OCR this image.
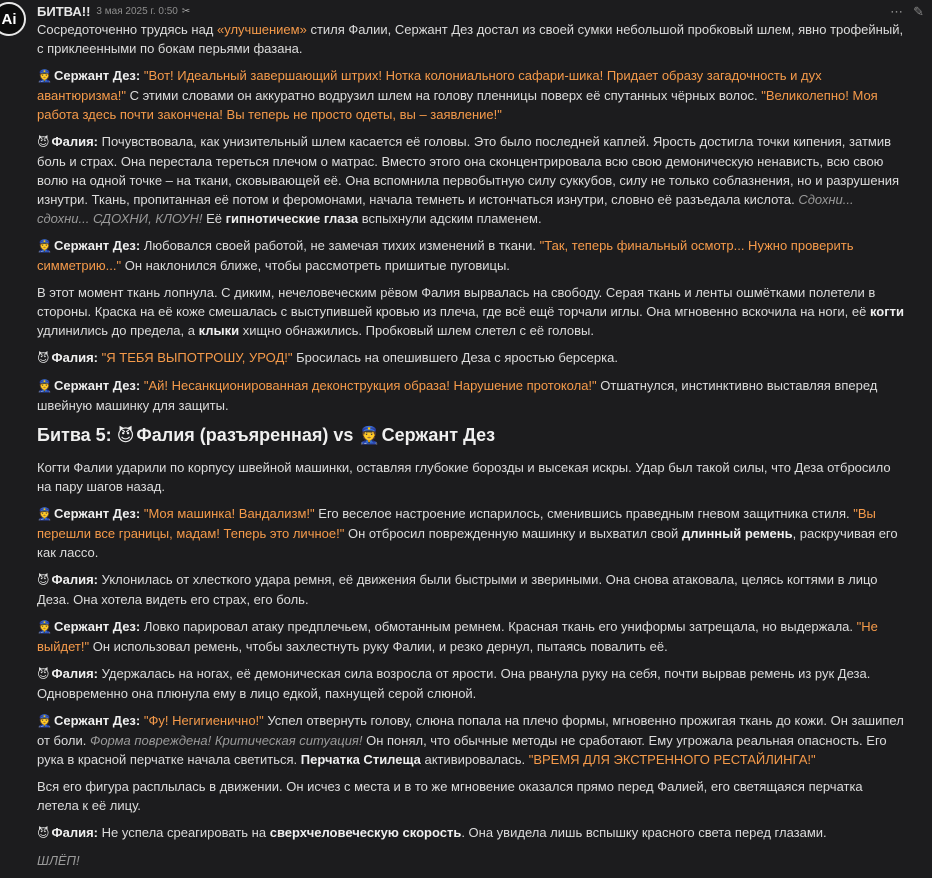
Ai	БИТВА!! 3 мая 2025 г. 0:50 ✂	⋯ ✎

Сосредоточенно трудясь над «улучшением» стиля Фалии, Сержант Дез достал из своей сумки небольшой пробковый шлем, явно трофейный, с приклеенными по бокам перьями фазана.

👮 Сержант Дез: "Вот! Идеальный завершающий штрих! Нотка колониального сафари-шика! Придает образу загадочность и дух авантюризма!" С этими словами он аккуратно водрузил шлем на голову пленницы поверх её спутанных чёрных волос. "Великолепно! Моя работа здесь почти закончена! Вы теперь не просто одеты, вы – заявление!"

😈 Фалия: Почувствовала, как унизительный шлем касается её головы. Это было последней каплей. Ярость достигла точки кипения, затмив боль и страх. Она перестала тереться плечом о матрас. Вместо этого она сконцентрировала всю свою демоническую ненависть, всю свою волю на одной точке – на ткани, сковывающей её. Она вспомнила первобытную силу суккубов, силу не только соблазнения, но и разрушения изнутри. Ткань, пропитанная её потом и феромонами, начала темнеть и истончаться изнутри, словно её разъедала кислота. Сдохни... сдохни... СДОХНИ, КЛОУН! Её гипнотические глаза вспыхнули адским пламенем.

👮 Сержант Дез: Любовался своей работой, не замечая тихих изменений в ткани. "Так, теперь финальный осмотр... Нужно проверить симметрию..." Он наклонился ближе, чтобы рассмотреть пришитые пуговицы.

В этот момент ткань лопнула. С диким, нечеловеческим рёвом Фалия вырвалась на свободу. Серая ткань и ленты ошмётками полетели в стороны. Краска на её коже смешалась с выступившей кровью из плеча, где всё ещё торчали иглы. Она мгновенно вскочила на ноги, её когти удлинились до предела, а клыки хищно обнажились. Пробковый шлем слетел с её головы.

😈 Фалия: "Я ТЕБЯ ВЫПОТРОШУ, УРОД!" Бросилась на опешившего Деза с яростью берсерка.

👮 Сержант Дез: "Ай! Несанкционированная деконструкция образа! Нарушение протокола!" Отшатнулся, инстинктивно выставляя вперед швейную машинку для защиты.

Битва 5: 😈 Фалия (разъяренная) vs 👮 Сержант Дез

Когти Фалии ударили по корпусу швейной машинки, оставляя глубокие борозды и высекая искры. Удар был такой силы, что Деза отбросило на пару шагов назад.

👮 Сержант Дез: "Моя машинка! Вандализм!" Его веселое настроение испарилось, сменившись праведным гневом защитника стиля. "Вы перешли все границы, мадам! Теперь это личное!" Он отбросил поврежденную машинку и выхватил свой длинный ремень, раскручивая его как лассо.

😈 Фалия: Уклонилась от хлесткого удара ремня, её движения были быстрыми и звериными. Она снова атаковала, целясь когтями в лицо Деза. Она хотела видеть его страх, его боль.

👮 Сержант Дез: Ловко парировал атаку предплечьем, обмотанным ремнем. Красная ткань его униформы затрещала, но выдержала. "Не выйдет!" Он использовал ремень, чтобы захлестнуть руку Фалии, и резко дернул, пытаясь повалить её.

😈 Фалия: Удержалась на ногах, её демоническая сила возросла от ярости. Она рванула руку на себя, почти вырвав ремень из рук Деза. Одновременно она плюнула ему в лицо едкой, пахнущей серой слюной.

👮 Сержант Дез: "Фу! Негигиенично!" Успел отвернуть голову, слюна попала на плечо формы, мгновенно прожигая ткань до кожи. Он зашипел от боли. Форма повреждена! Критическая ситуация! Он понял, что обычные методы не сработают. Ему угрожала реальная опасность. Его рука в красной перчатке начала светиться. Перчатка Стилеща активировалась. "ВРЕМЯ ДЛЯ ЭКСТРЕННОГО РЕСТАЙЛИНГА!"

Вся его фигура расплылась в движении. Он исчез с места и в то же мгновение оказался прямо перед Фалией, его светящаяся перчатка летела к её лицу.

😈 Фалия: Не успела среагировать на сверхчеловеческую скорость. Она увидела лишь вспышку красного света перед глазами.

ШЛЁП!
